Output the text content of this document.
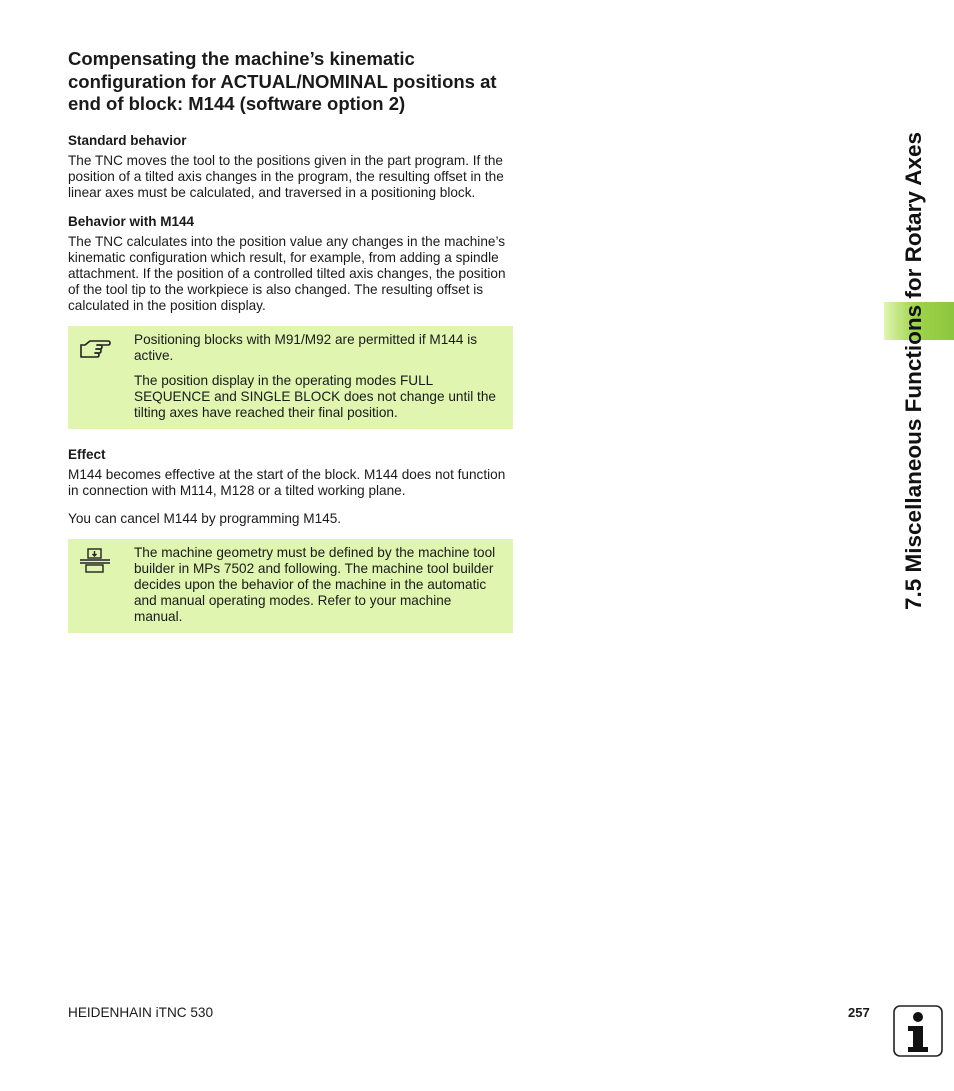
Compensating the machine’s kinematic configuration for ACTUAL/NOMINAL positions at end of block: M144 (software option 2)
Standard behavior

The TNC moves the tool to the positions given in the part program. If the position of a tilted axis changes in the program, the resulting offset in the linear axes must be calculated, and traversed in a positioning block.

Behavior with M144

The TNC calculates into the position value any changes in the machine’s kinematic configuration which result, for example, from adding a spindle attachment. If the position of a controlled tilted axis changes, the position of the tool tip to the workpiece is also changed. The resulting offset is calculated in the position display.

Positioning blocks with M91/M92 are permitted if M144 is active.

The position display in the operating modes FULL SEQUENCE and SINGLE BLOCK does not change until the tilting axes have reached their final position.

Effect

M144 becomes effective at the start of the block. M144 does not function in connection with M114, M128 or a tilted working plane.

You can cancel M144 by programming M145.

The machine geometry must be defined by the machine tool builder in MPs 7502 and following. The machine tool builder decides upon the behavior of the machine in the automatic and manual operating modes. Refer to your machine manual.

7.5 Miscellaneous Functions for Rotary Axes
HEIDENHAIN iTNC 530	257
